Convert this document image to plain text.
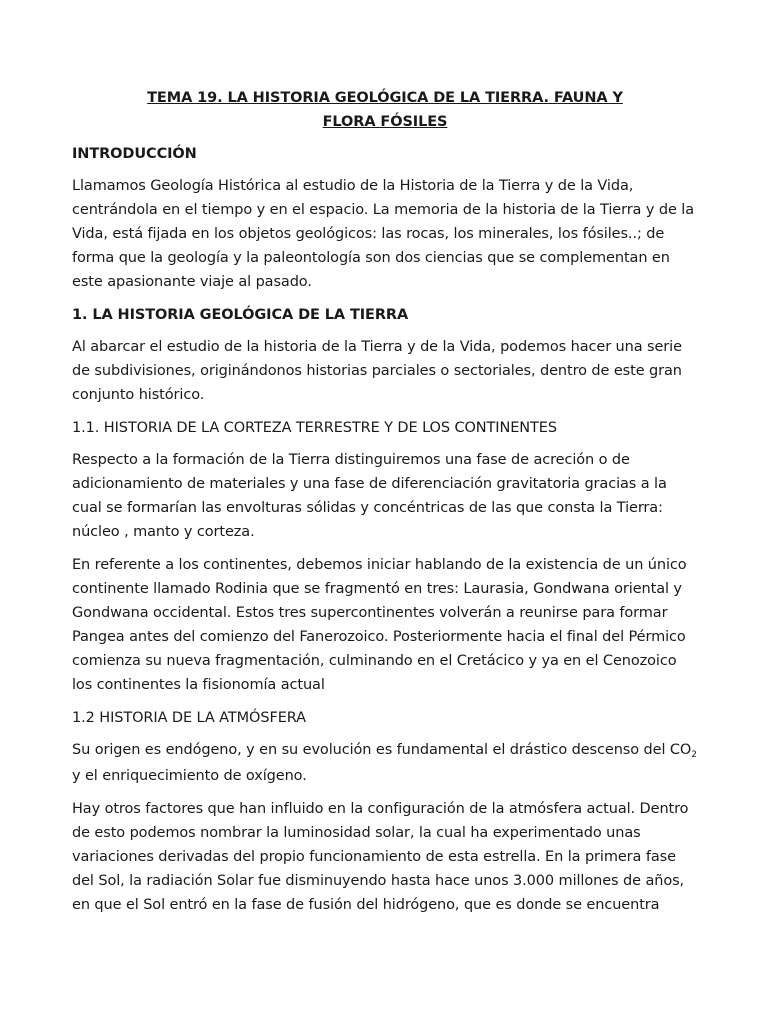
TEMA 19. LA HISTORIA GEOLÓGICA DE LA TIERRA. FAUNA Y
FLORA FÓSILES
INTRODUCCIÓN

Llamamos Geología Histórica al estudio de la Historia de la Tierra y de la Vida, centrándola en el tiempo y en el espacio. La memoria de la historia de la Tierra y de la Vida, está fijada en los objetos geológicos: las rocas, los minerales, los fósiles..; de forma que la geología y la paleontología son dos ciencias que se complementan en este apasionante viaje al pasado.

1. LA HISTORIA GEOLÓGICA DE LA TIERRA

Al abarcar el estudio de la historia de la Tierra y de la Vida, podemos hacer una serie de subdivisiones, originándonos historias parciales o sectoriales, dentro de este gran conjunto histórico.

1.1. HISTORIA DE LA CORTEZA TERRESTRE Y DE LOS CONTINENTES

Respecto a la formación de la Tierra distinguiremos una fase de acreción o de adicionamiento de materiales y una fase de diferenciación gravitatoria gracias a la cual se formarían las envolturas sólidas y concéntricas de las que consta la Tierra: núcleo , manto y corteza.

En referente a los continentes, debemos iniciar hablando de la existencia de un único continente llamado Rodinia que se fragmentó en tres: Laurasia, Gondwana oriental y Gondwana occidental. Estos tres supercontinentes volverán a reunirse para formar Pangea antes del comienzo del Fanerozoico. Posteriormente hacia el final del Pérmico comienza su nueva fragmentación, culminando en el Cretácico y ya en el Cenozoico los continentes la fisionomía actual

1.2 HISTORIA DE LA ATMÓSFERA

Su origen es endógeno, y en su evolución es fundamental el drástico descenso del $CO_2$ y el enriquecimiento de oxígeno.

Hay otros factores que han influido en la configuración de la atmósfera actual. Dentro de esto podemos nombrar la luminosidad solar, la cual ha experimentado unas variaciones derivadas del propio funcionamiento de esta estrella. En la primera fase del Sol, la radiación Solar fue disminuyendo hasta hace unos 3.000 millones de años, en que el Sol entró en la fase de fusión del hidrógeno, que es donde se encuentra
